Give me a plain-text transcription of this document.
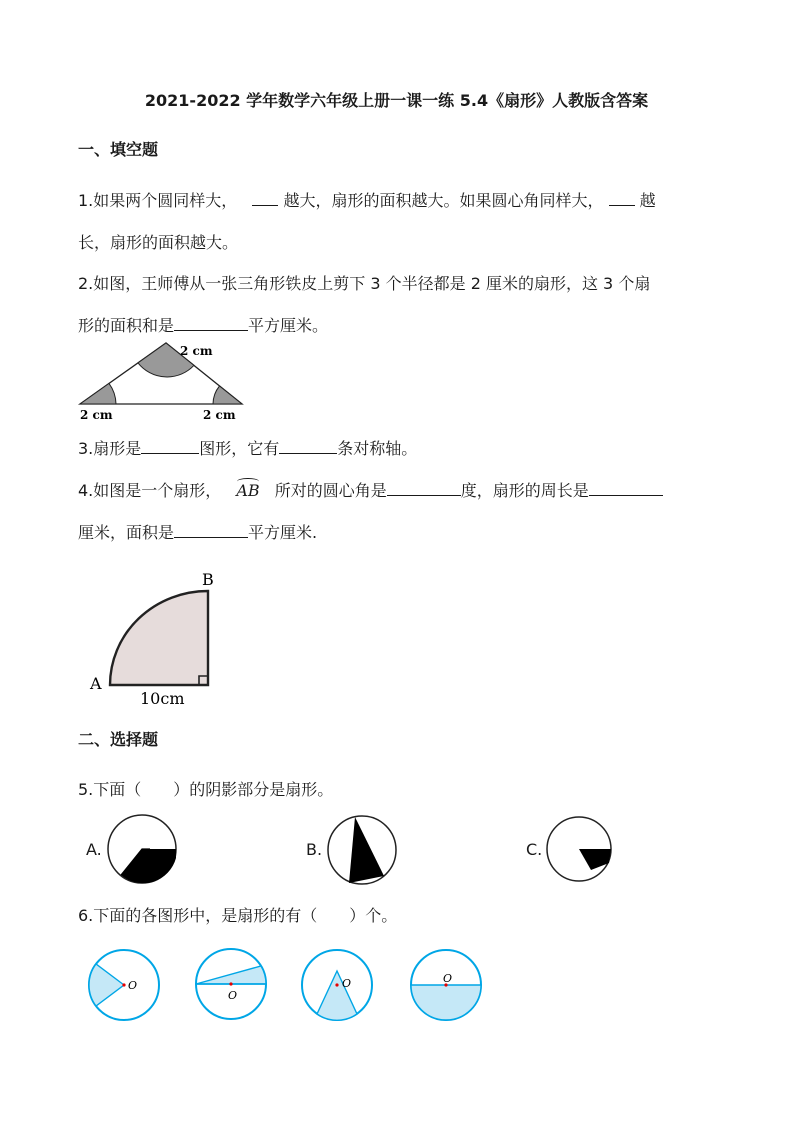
2021-2022 学年数学六年级上册一课一练 5.4《扇形》人教版含答案
一、填空题
1.如果两个圆同样大，	越大，扇形的面积越大。如果圆心角同样大， 越
长，扇形的面积越大。
2.如图，王师傅从一张三角形铁皮上剪下 3 个半径都是 2 厘米的扇形，这 3 个扇
形的面积和是	平方厘米。
2 cm
2 cm	2 cm
3.扇形是	图形，它有	条对称轴。
4.如图是一个扇形， AB 所对的圆心角是	度，扇形的周长是
厘米，面积是	平方厘米.
A
B
10cm
二、选择题
5.下面（　　）的阴影部分是扇形。
A.	B.	C.
6.下面的各图形中，是扇形的有（　　）个。
O
O
O	O
